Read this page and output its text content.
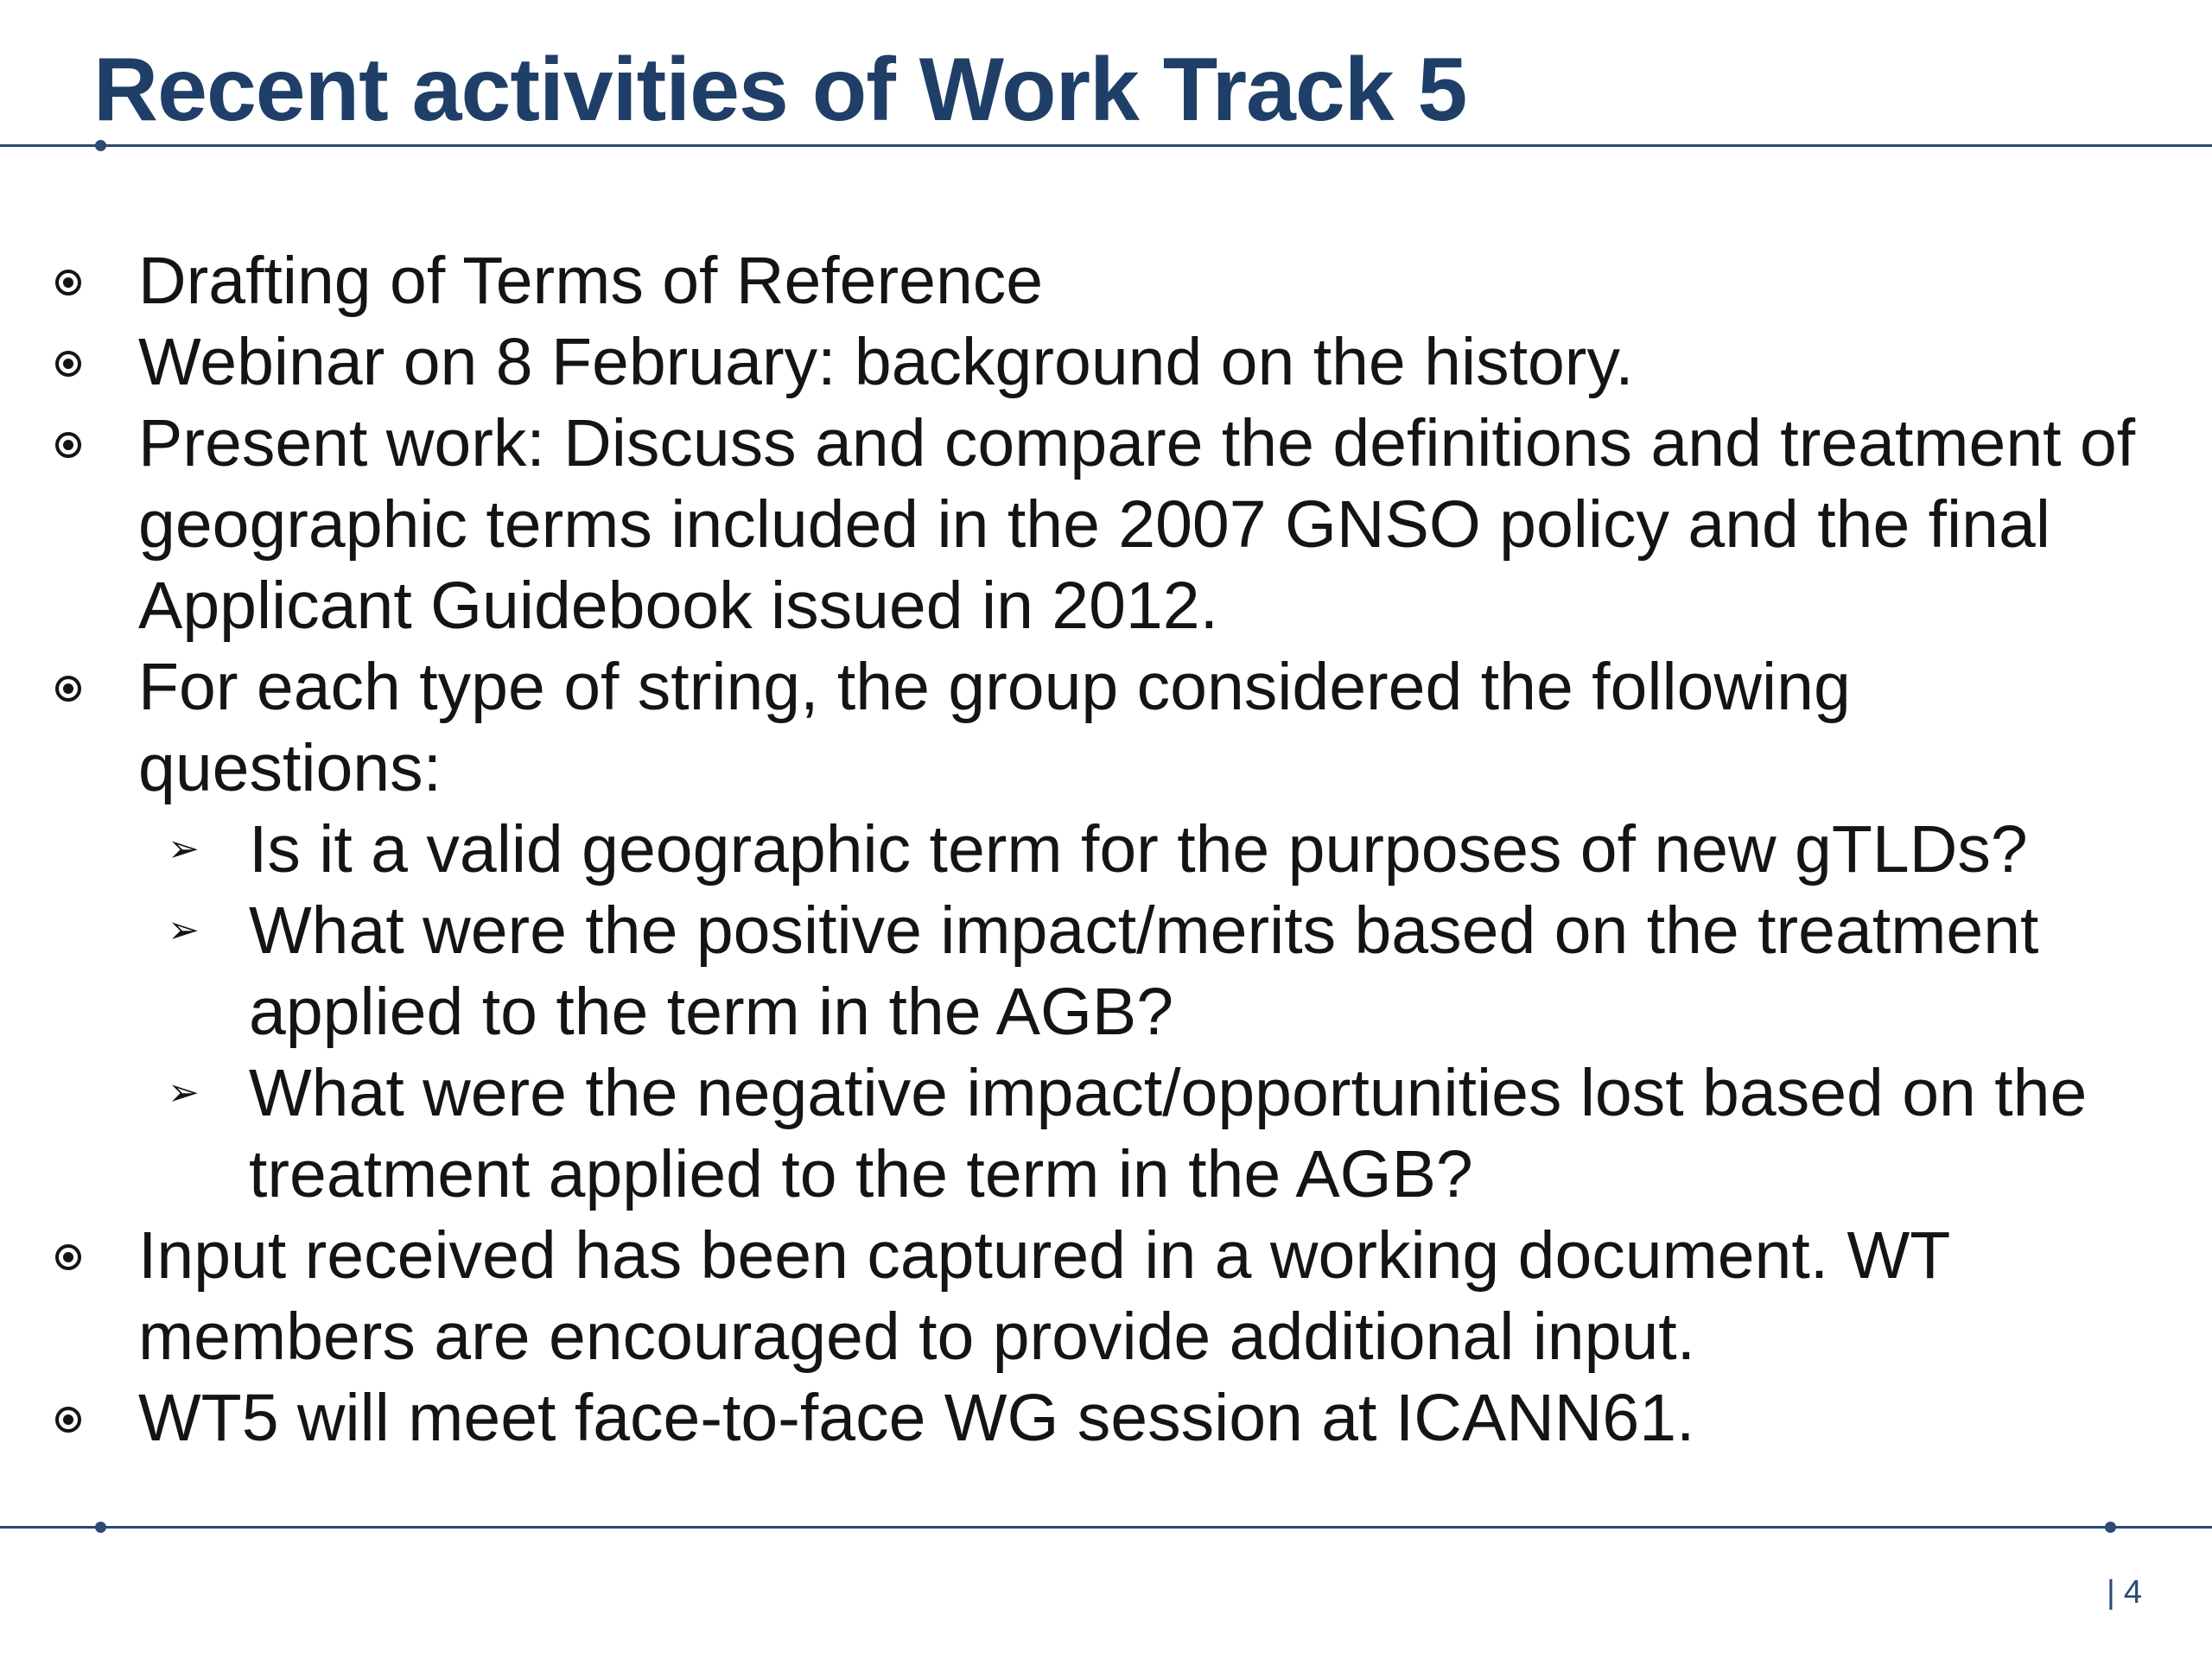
Recent activities of Work Track 5
Drafting of Terms of Reference
Webinar on 8 February: background on the history.
Present work: Discuss and compare the definitions and treatment of geographic terms included in the 2007 GNSO policy and the final Applicant Guidebook issued in 2012.
For each type of string, the group considered the following questions:
➢ Is it a valid geographic term for the purposes of new gTLDs?
➢ What were the positive impact/merits based on the treatment applied to the term in the AGB?
➢ What were the negative impact/opportunities lost based on the treatment applied to the term in the AGB?
Input received has been captured in a working document. WT members are encouraged to provide additional input.
WT5 will meet face-to-face WG session at ICANN61.
| 4
